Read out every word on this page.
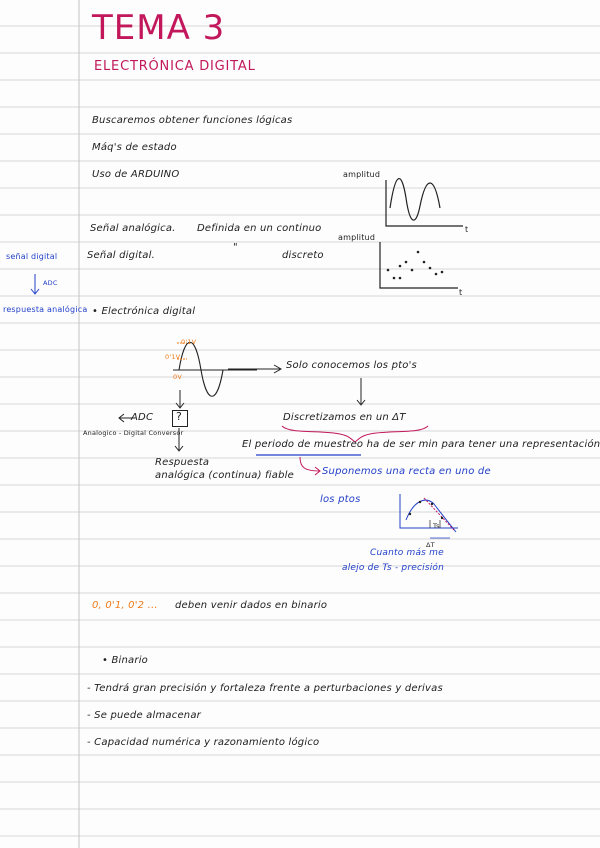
TEMA 3
ELECTRÓNICA DIGITAL
Buscaremos obtener funciones lógicas
Máq's de estado
Uso de ARDUINO
Señal analógica. Definida en un continuo
Señal digital.
"
discreto
amplitud
t
amplitud
t
señal digital
ADC
respuesta analógica • Electrónica digital
0'1V
0'1V
0V
Solo conocemos los pto's
ADC ?
Analogico - Digital Conversor
Discretizamos en un ΔT
El periodo de muestreo ha de ser min para tener una representación
Respuesta
analógica (continua) fiable	Suponemos una recta en uno de
los ptos
Ts
ΔT
Cuanto más me
alejo de Ts - precisión
0, 0'1, 0'2 ... deben venir dados en binario
• Binario
- Tendrá gran precisión y fortaleza frente a perturbaciones y derivas
- Se puede almacenar
- Capacidad numérica y razonamiento lógico
